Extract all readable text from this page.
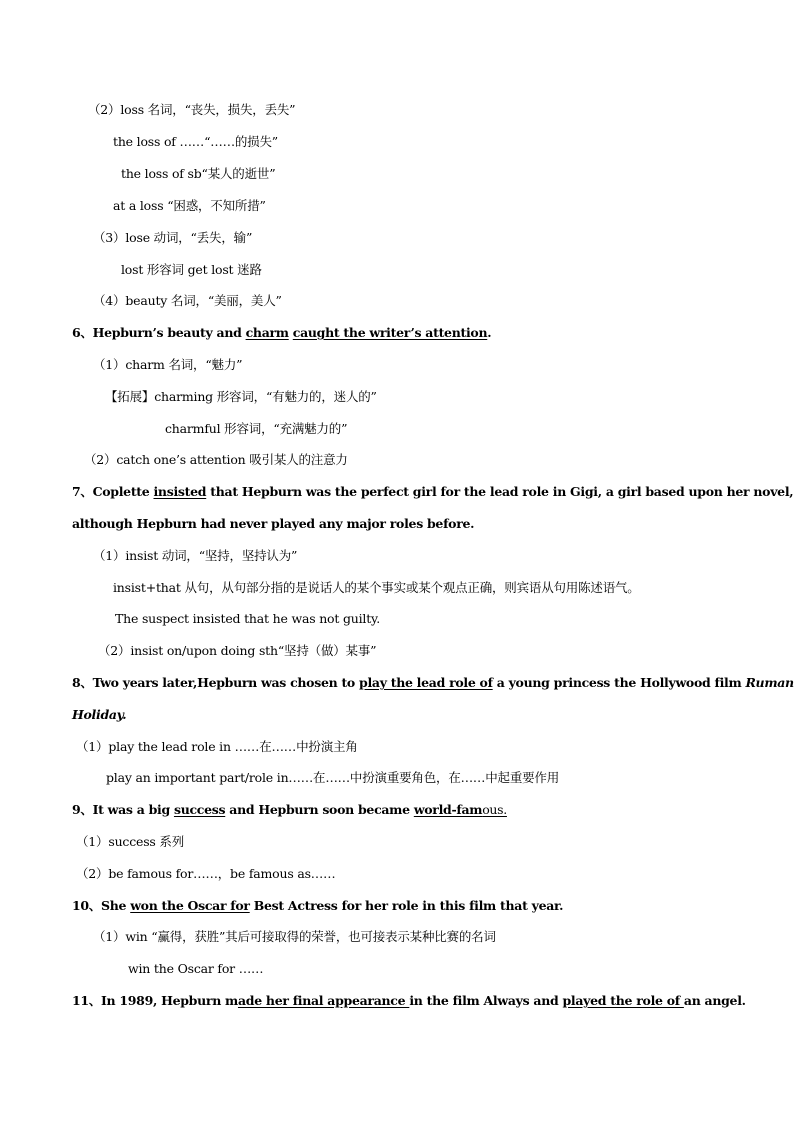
（2）loss 名词，“丧失，损失，丢失”
the loss of ……“……的损失”
the loss of sb“某人的逝世”
at a loss “困惑，不知所措”
（3）lose 动词，“丢失，输”
lost 形容词 get lost 迷路
（4）beauty 名词，“美丽，美人”
6、Hepburn’s beauty and charm caught the writer’s attention.
（1）charm 名词，“魅力”
【拓展】charming 形容词，“有魅力的，迷人的”
charmful 形容词，“充满魅力的”
（2）catch one’s attention 吸引某人的注意力
7、Coplette insisted that Hepburn was the perfect girl for the lead role in Gigi, a girl based upon her novel,
although Hepburn had never played any major roles before.
（1）insist 动词，“坚持，坚持认为”
insist+that 从句，从句部分指的是说话人的某个事实或某个观点正确，则宾语从句用陈述语气。
The suspect insisted that he was not guilty.
（2）insist on/upon doing sth“坚持（做）某事”
8、Two years later,Hepburn was chosen to play the lead role of a young princess the Hollywood film Ruman
Holiday.
（1）play the lead role in ……在……中扮演主角
play an important part/role in……在……中扮演重要角色，在……中起重要作用
9、It was a big success and Hepburn soon became world-famous.
（1）success 系列
（2）be famous for……，be famous as……
10、She won the Oscar for Best Actress for her role in this film that year.
（1）win “赢得，获胜”其后可接取得的荣誉，也可接表示某种比赛的名词
win the Oscar for ……
11、In 1989, Hepburn made her final appearance in the film Always and played the role of an angel.
